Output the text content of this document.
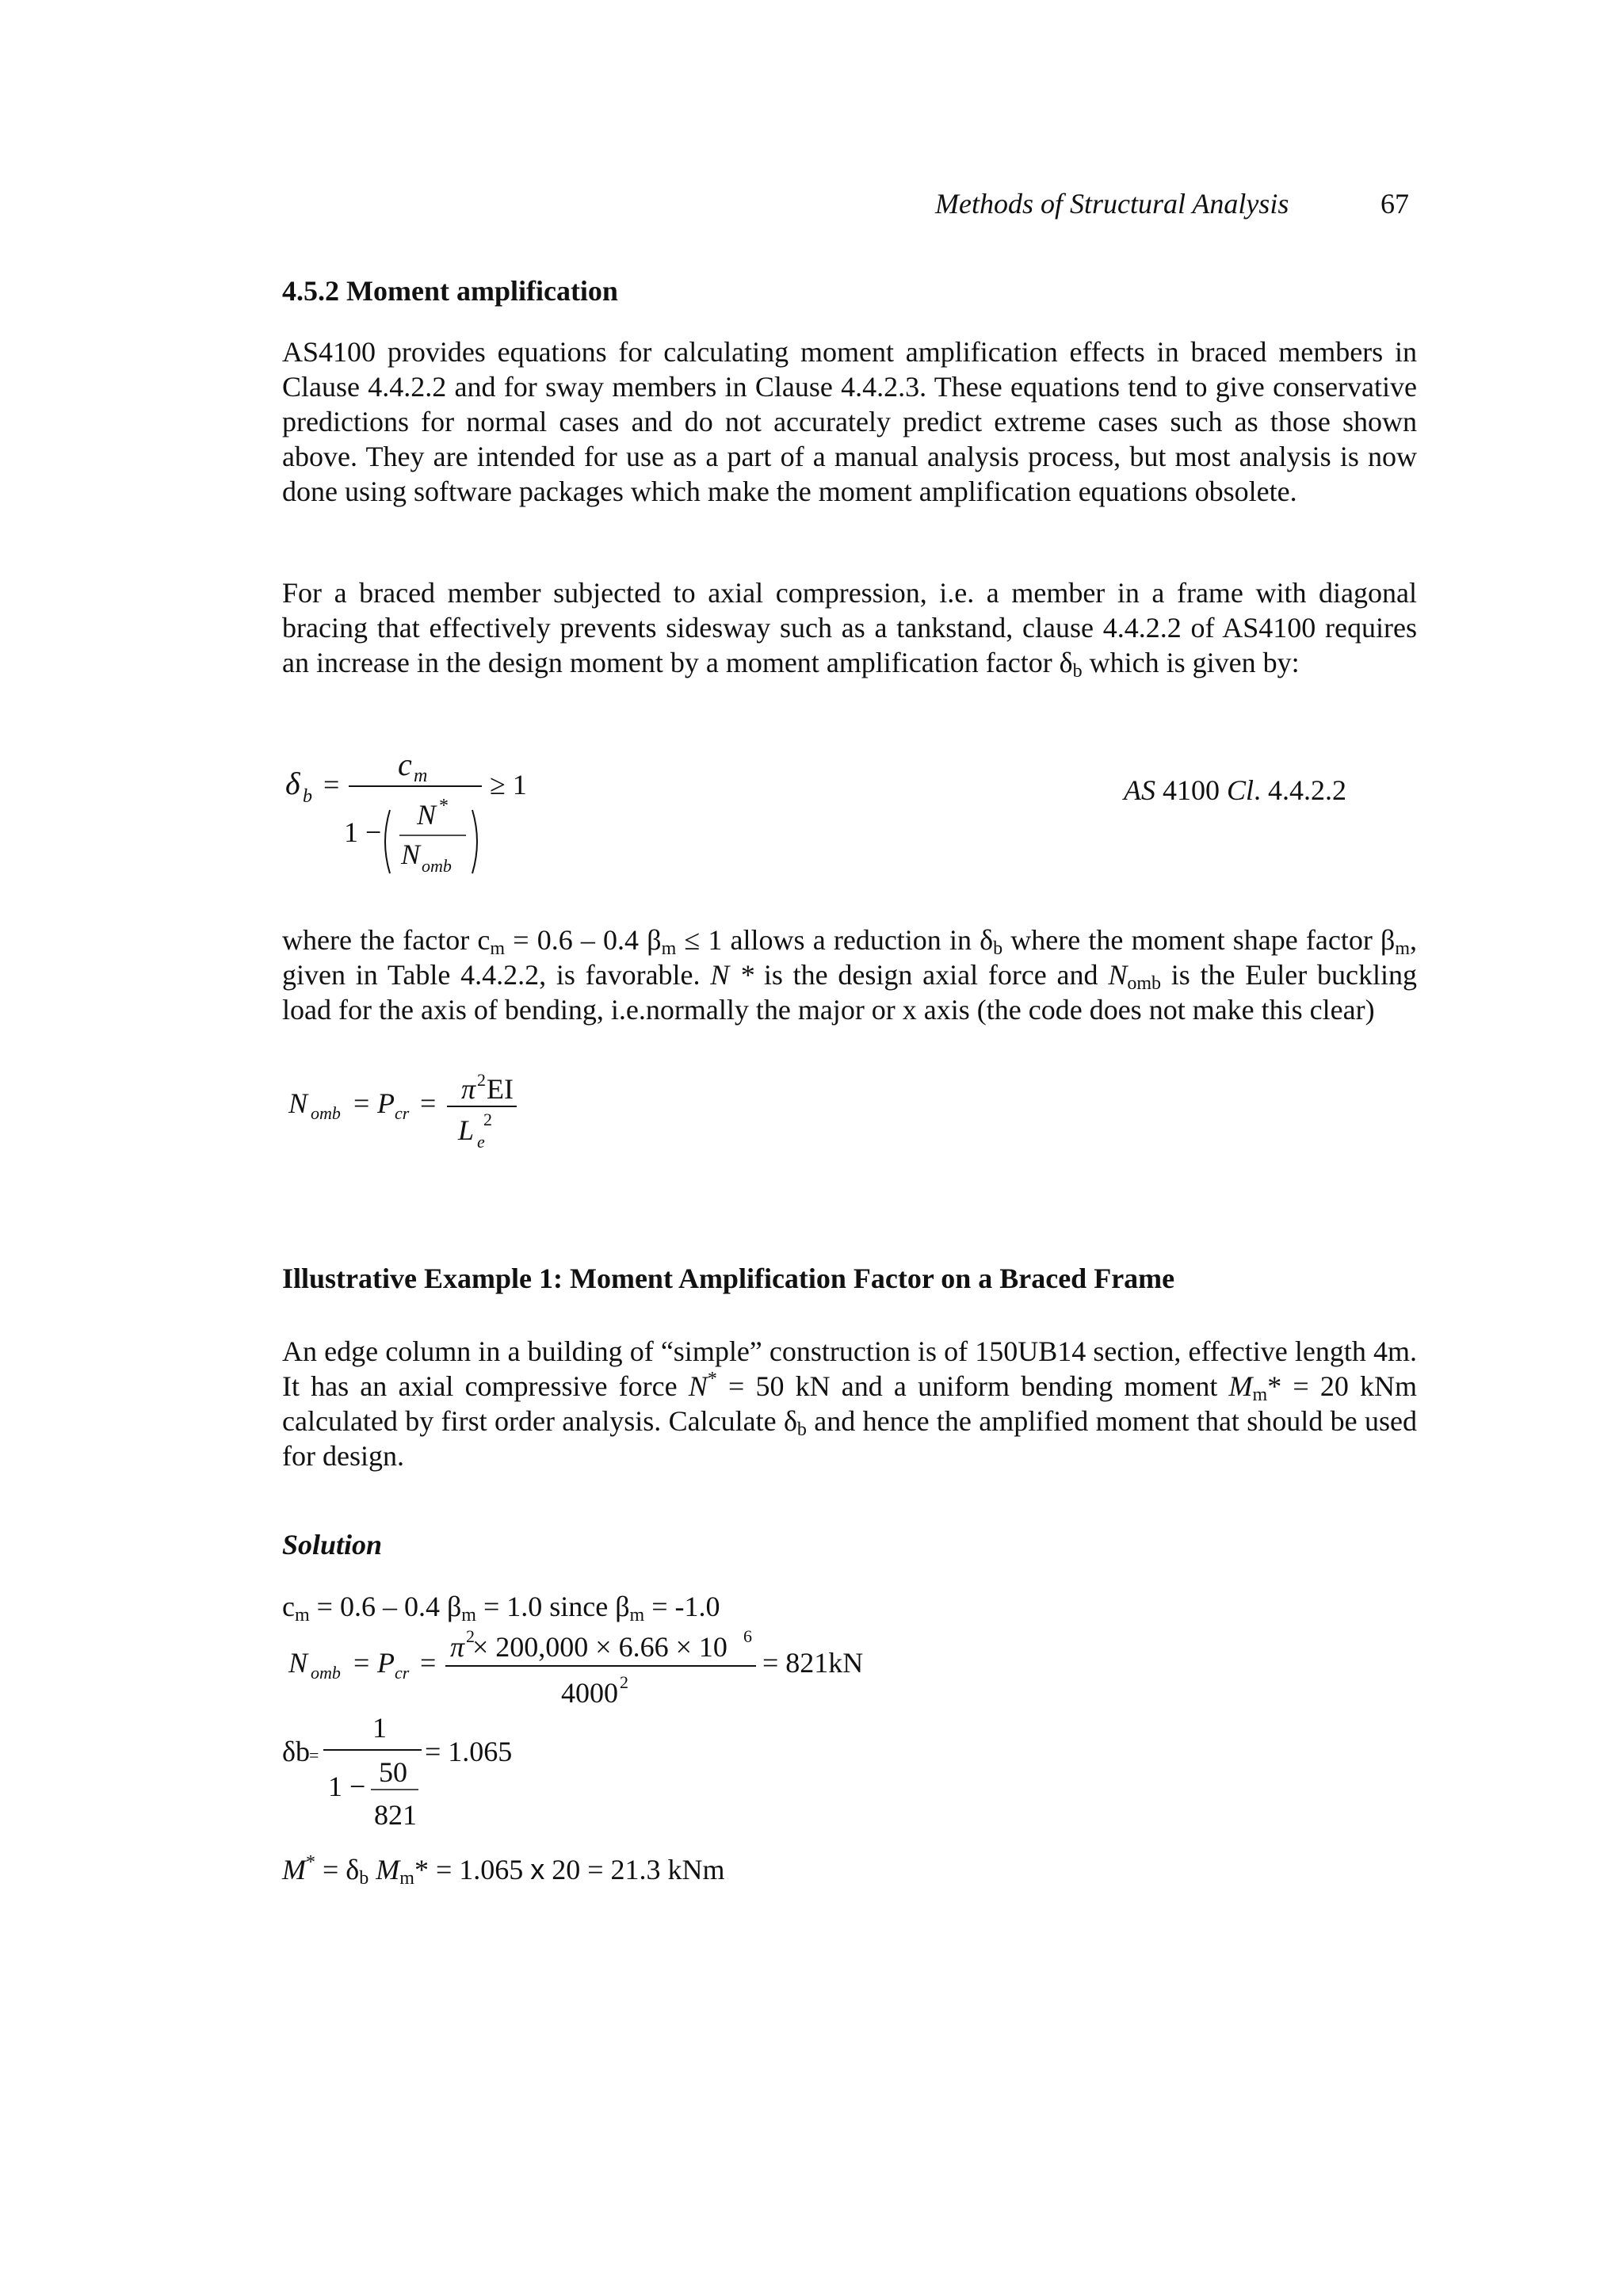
Methods of Structural Analysis	67
4.5.2 Moment amplification
AS4100 provides equations for calculating moment amplification effects in braced members in Clause 4.4.2.2 and for sway members in Clause 4.4.2.3. These equations tend to give conservative predictions for normal cases and do not accurately predict extreme cases such as those shown above. They are intended for use as a part of a manual analysis process, but most analysis is now done using software packages which make the moment amplification equations obsolete.
For a braced member subjected to axial compression, i.e. a member in a frame with diagonal bracing that effectively prevents sidesway such as a tankstand, clause 4.4.2.2 of AS4100 requires an increase in the design moment by a moment amplification factor $\delta_b$ which is given by:
δ b =
c m
1 −
N *
N omb
≥ 1	AS 4100 Cl. 4.4.2.2
where the factor $c_m = 0.6 - 0.4$ $\beta_m \le 1$ allows a reduction in $\delta_b$ where the moment shape factor $\beta_m$, given in Table 4.4.2.2, is favorable. N * is the design axial force and $N_{omb}$ is the Euler buckling load for the axis of bending, i.e.normally the major or x axis (the code does not make this clear)
N omb = P cr = π 2 EI
L e
2
Illustrative Example 1: Moment Amplification Factor on a Braced Frame
An edge column in a building of “simple” construction is of 150UB14 section, effective length 4m. It has an axial compressive force N* = 50 kN and a uniform bending moment $M_m* = 20$ kNm calculated by first order analysis. Calculate $\delta_b$ and hence the amplified moment that should be used for design.
Solution
$c_m = 0.6 - 0.4$ $\beta_m = 1.0$ since $\beta_m = -1.0$
N omb = P cr = π 2
× 200,000 × 6.66 × 10 6
4000 2
= 821kN
δb =
1
1 − 50
821
= 1.065
$M^* = \delta_b$ $M_m* = 1.065$ x 20 = 21.3 kNm
